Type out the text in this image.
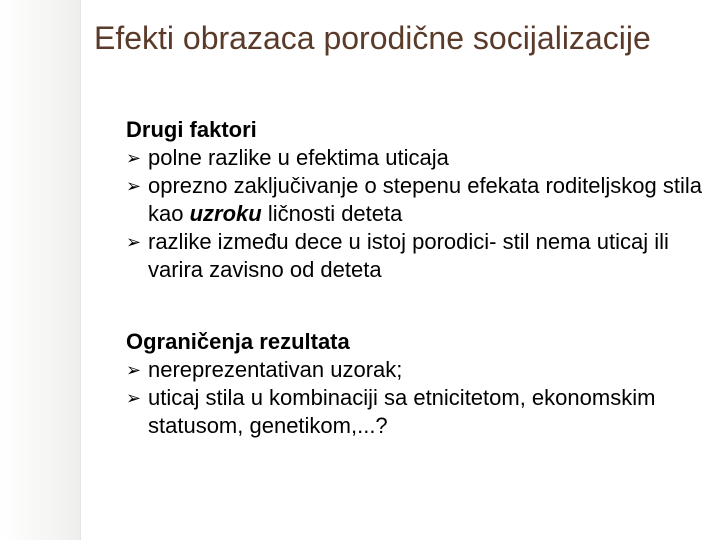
Efekti obrazaca porodične socijalizacije

Drugi faktori

➢ polne razlike u efektima uticaja

➢ oprezno zaključivanje o stepenu efekata roditeljskog stila kao uzroku ličnosti deteta

➢ razlike između dece u istoj porodici- stil nema uticaj ili varira zavisno od deteta

Ograničenja rezultata

➢ nereprezentativan uzorak;

➢ uticaj stila u kombinaciji sa etnicitetom, ekonomskim statusom, genetikom,...?
